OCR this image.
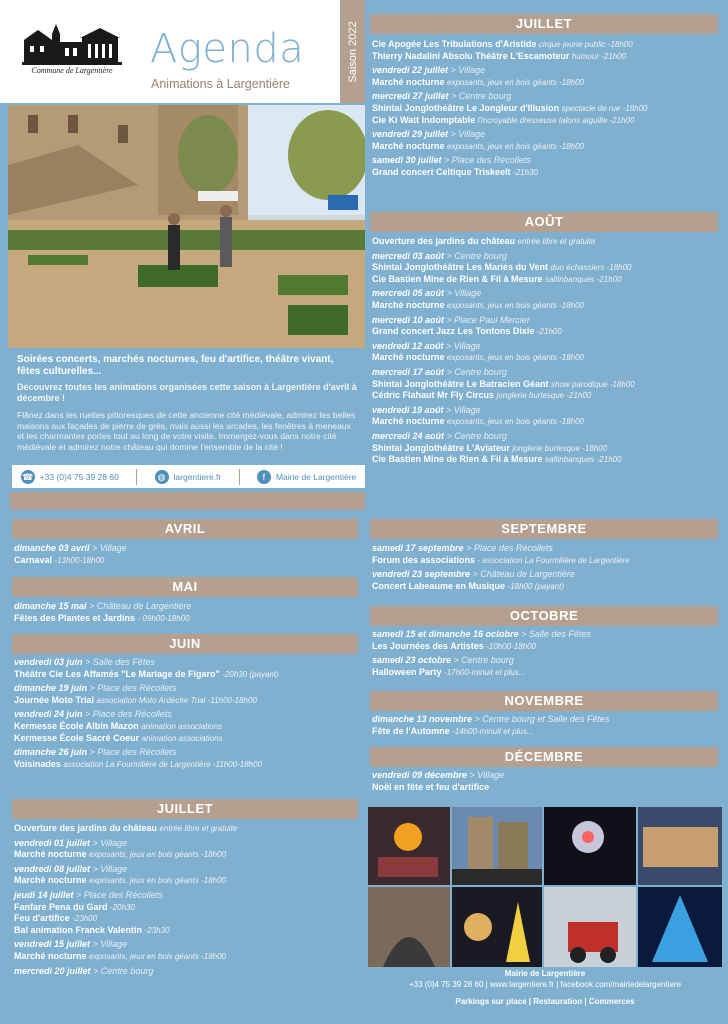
Commune de Largentière Agenda
Animations à Largentière
Saison 2022
Soirées concerts, marchés nocturnes, feu d'artifice, théâtre vivant, fêtes culturelles...
Découvrez toutes les animations organisées cette saison à Largentière d'avril à décembre !
Flânez dans les ruelles pittoresques de cette ancienne cité médiévale, admirez les belles maisons aux façades de pierre de grès, mais aussi les arcades, les fenêtres à meneaux et les charmantes portes tout au long de votre visite. Immergez-vous dans notre cité médiévale et admirez notre château qui domine l'ensemble de la cité !
☎ +33 (0)4 75 39 28 60	◍ largentiere.fr	f	Mairie de Largentière
JUILLET
Cie Apogée Les Tribulations d'Aristide cirque jeune public -18h00
Thierry Nadalini Absolu Théâtre L'Escamoteur humour -21h00
vendredi 22 juillet > Village
Marché nocturne exposants, jeux en bois géants -18h00
mercredi 27 juillet > Centre bourg
Shintai Jonglothéâtre Le Jongleur d'Illusion spectacle de rue -18h00
Cie Ki Watt Indomptable l'incroyable dresseuse talons aiguille -21h00
vendredi 29 juillet > Village
Marché nocturne exposants, jeux en bois géants -18h00
samedi 30 juillet > Place des Récollets
Grand concert Celtique Triskeelt -21h30
AOÛT
Ouverture des jardins du château entrée libre et gratuite
mercredi 03 août > Centre bourg
Shintai Jonglothéâtre Les Mariés du Vent duo échassiers -18h00
Cie Bastien Mine de Rien & Fil à Mesure saltinbanques -21h00
mercredi 05 août > Village
Marché nocturne exposants, jeux en bois géants -18h00
mercredi 10 août > Place Paul Mercier
Grand concert Jazz Les Tontons Dixie -21h00
vendredi 12 août > Village
Marché nocturne exposants, jeux en bois géants -18h00
mercredi 17 août > Centre bourg
Shintai Jonglothéâtre Le Batracien Géant show parodique -18h00
Cédric Flahaut Mr Fly Circus jonglerie burlesque -21h00
vendredi 19 août > Village
Marché nocturne exposants, jeux en bois géants -18h00
mercredi 24 août > Centre bourg
Shintai Jonglothéâtre L'Aviateur jonglerie burlesque -18h00
Cie Bastien Mine de Rien & Fil à Mesure saltinbanques -21h00
AVRIL
dimanche 03 avril > Village
Carnaval -13h00-18h00
MAI
dimanche 15 mai > Château de Largentière
Fêtes des Plantes et Jardins - 09h00-18h00
JUIN
vendredi 03 juin > Salle des Fêtes
Théâtre Cie Les Affamés "Le Mariage de Figaro" -20h30 (payant)
dimanche 19 juin > Place des Récollets
Journée Moto Trial association Moto Ardèche Trial -11h00-18h00
vendredi 24 juin > Place des Récollets
Kermesse École Albin Mazon animation associations
Kermesse École Sacré Coeur animation associations
dimanche 26 juin > Place des Récollets
Voisinades association La Fourmilière de Largentière -11h00-18h00
JUILLET
Ouverture des jardins du château entrée libre et gratuite
vendredi 01 juillet > Village
Marché nocturne exposants, jeux en bois géants -18h00
vendredi 08 juillet > Village
Marché nocturne exposants, jeux en bois géants -18h00
jeudi 14 juillet > Place des Récollets
Fanfare Pena du Gard -20h30
Feu d'artifice -23h00
Bal animation Franck Valentin -23h30
vendredi 15 juillet > Village
Marché nocturne exposants, jeux en bois géants -18h00
mercredi 20 juillet > Centre bourg
SEPTEMBRE
samedi 17 septembre > Place des Récollets
Forum des associations - association La Fourmilière de Largentière
vendredi 23 septembre > Château de Largentière
Concert Labeaume en Musique -18h00 (payant)
OCTOBRE
samedi 15 et dimanche 16 octobre > Salle des Fêtes
Les Journées des Artistes -10h00-18h00
samedi 23 octobre > Centre bourg
Halloween Party -17h00-minuit et plus...
NOVEMBRE
dimanche 13 novembre > Centre bourg et Salle des Fêtes
Fête de l'Automne -14h00-minuit et plus...
DÉCEMBRE
vendredi 09 décembre > Village
Noël en fête et feu d'artifice
Mairie de Largentière
+33 (0)4 75 39 28 60 | www.largentiere.fr | facebook.com/mairiedelargentiere
Parkings sur place | Restauration | Commerces
